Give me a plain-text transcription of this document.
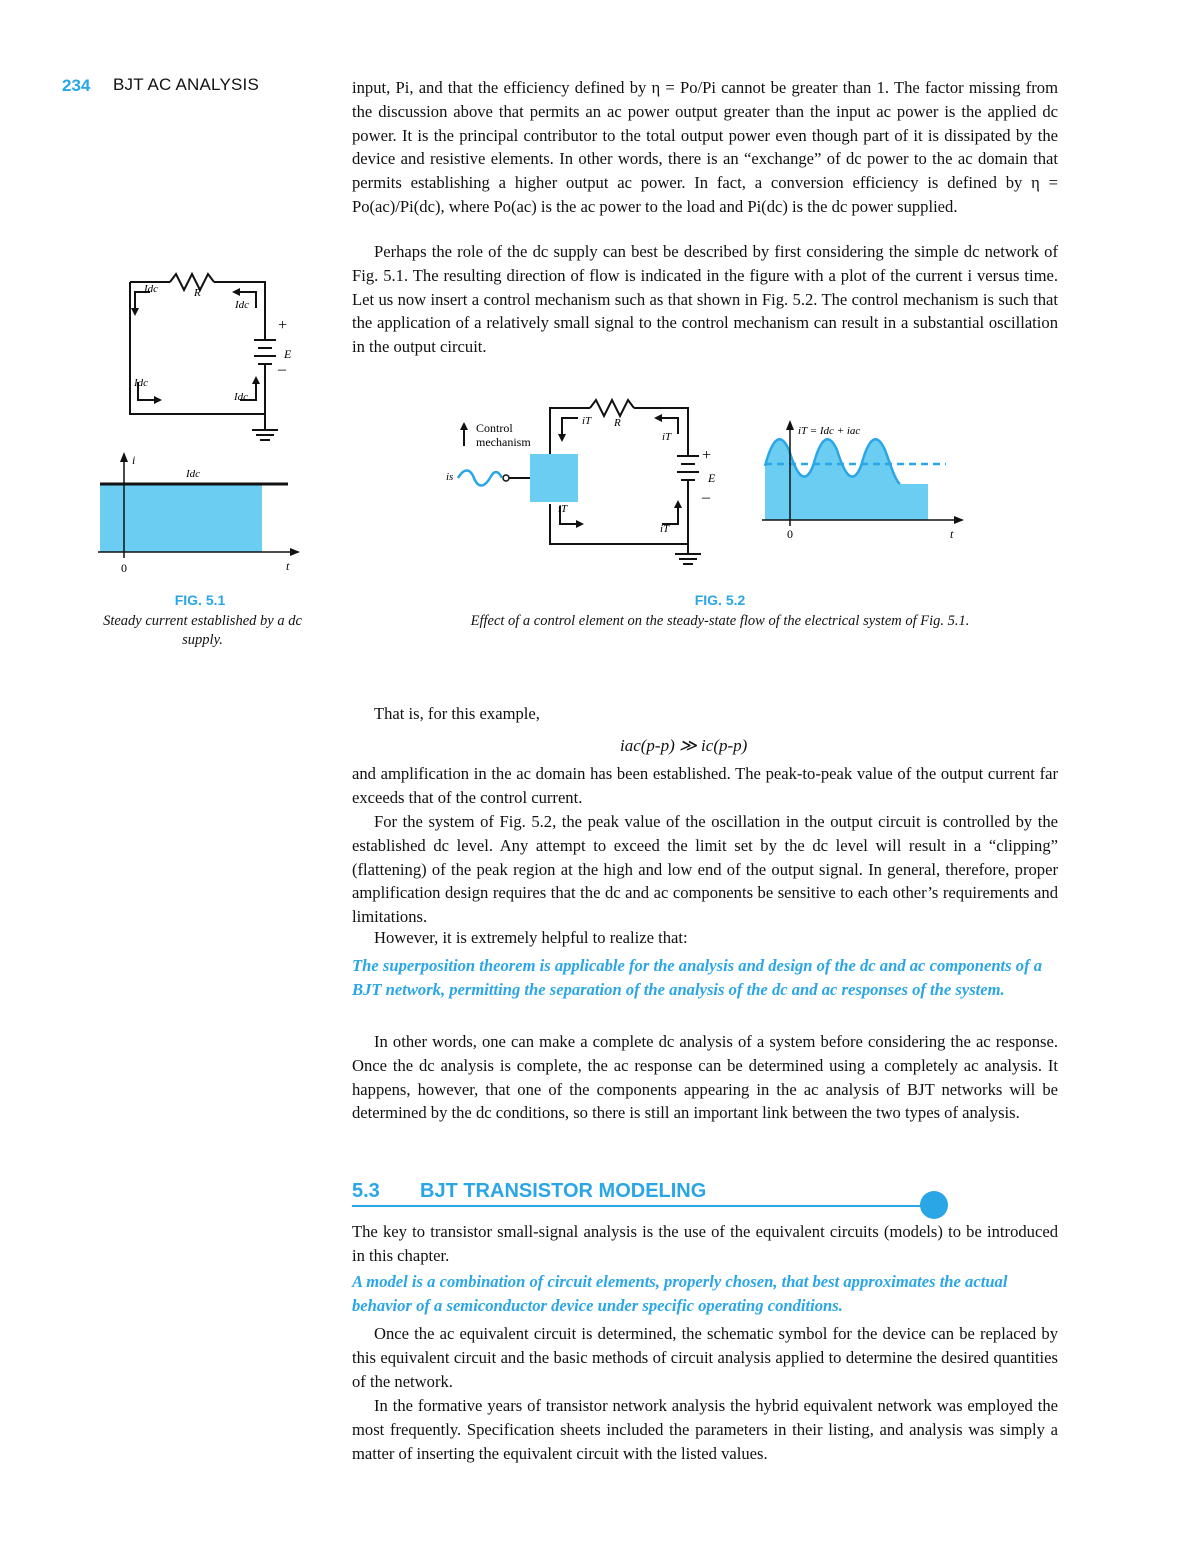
234 BJT AC ANALYSIS	input, Pi, and that the efficiency defined by η = Po/Pi cannot be greater than 1. The factor missing from the discussion above that permits an ac power output greater than the input ac power is the applied dc power. It is the principal contributor to the total output power even though part of it is dissipated by the device and resistive elements. In other words, there is an “exchange” of dc power to the ac domain that permits establishing a higher output ac power. In fact, a conversion efficiency is defined by η = Po(ac)/Pi(dc), where Po(ac) is the ac power to the load and Pi(dc) is the dc power supplied.

Perhaps the role of the dc supply can best be described by first considering the simple dc network of Fig. 5.1. The resulting direction of flow is indicated in the figure with a plot of the current i versus time. Let us now insert a control mechanism such as that shown in Fig. 5.2. The control mechanism is such that the application of a relatively small signal to the control mechanism can result in a substantial oscillation in the output circuit.

Idc	R
Idc
+
E
–
Idc
Idc
i
Idc
0	t
FIG. 5.1
Steady current established by a dc supply.
Control
mechanism
is
iT R
iT
+
E
–
iT
iT
iT = Idc + iac
0	t
FIG. 5.2
Effect of a control element on the steady-state flow of the electrical system of Fig. 5.1.

That is, for this example,

iac(p-p) ≫ ic(p-p)

and amplification in the ac domain has been established. The peak-to-peak value of the output current far exceeds that of the control current.

For the system of Fig. 5.2, the peak value of the oscillation in the output circuit is controlled by the established dc level. Any attempt to exceed the limit set by the dc level will result in a “clipping” (flattening) of the peak region at the high and low end of the output signal. In general, therefore, proper amplification design requires that the dc and ac components be sensitive to each other’s requirements and limitations.

However, it is extremely helpful to realize that:

The superposition theorem is applicable for the analysis and design of the dc and ac components of a BJT network, permitting the separation of the analysis of the dc and ac responses of the system.

In other words, one can make a complete dc analysis of a system before considering the ac response. Once the dc analysis is complete, the ac response can be determined using a completely ac analysis. It happens, however, that one of the components appearing in the ac analysis of BJT networks will be determined by the dc conditions, so there is still an important link between the two types of analysis.

5.3 BJT TRANSISTOR MODELING

The key to transistor small-signal analysis is the use of the equivalent circuits (models) to be introduced in this chapter.

A model is a combination of circuit elements, properly chosen, that best approximates the actual behavior of a semiconductor device under specific operating conditions.

Once the ac equivalent circuit is determined, the schematic symbol for the device can be replaced by this equivalent circuit and the basic methods of circuit analysis applied to determine the desired quantities of the network.

In the formative years of transistor network analysis the hybrid equivalent network was employed the most frequently. Specification sheets included the parameters in their listing, and analysis was simply a matter of inserting the equivalent circuit with the listed values.
